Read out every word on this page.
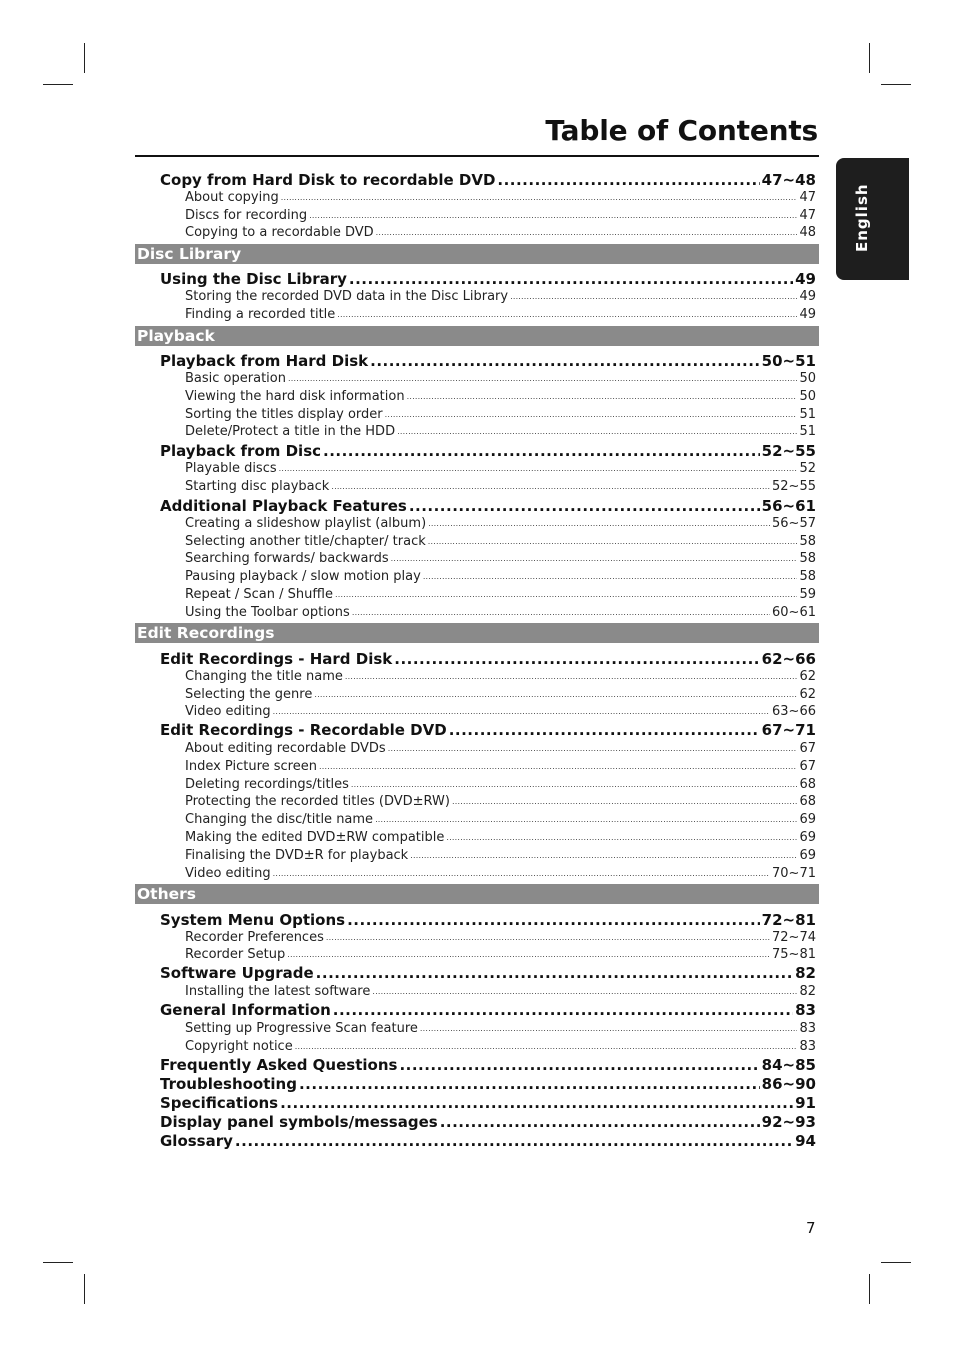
Table of Contents
English
Copy from Hard Disk to recordable DVD .....	47~48
About copying .....	47
Discs for recording .....	47
Copying to a recordable DVD .....	48
Disc Library
Using the Disc Library .....	49
Storing the recorded DVD data in the Disc Library .....	49
Finding a recorded title .....	49
Playback
Playback from Hard Disk .....	50~51
Basic operation .....	50
Viewing the hard disk information .....	50
Sorting the titles display order .....	51
Delete/Protect a title in the HDD .....	51
Playback from Disc .....	52~55
Playable discs .....	52
Starting disc playback .....	52~55
Additional Playback Features .....	56~61
Creating a slideshow playlist (album) .....	56~57
Selecting another title/chapter/ track .....	58
Searching forwards/ backwards .....	58
Pausing playback / slow motion play .....	58
Repeat / Scan / Shuffle .....	59
Using the Toolbar options .....	60~61
Edit Recordings
Edit Recordings - Hard Disk .....	62~66
Changing the title name .....	62
Selecting the genre .....	62
Video editing .....	63~66
Edit Recordings - Recordable DVD .....	67~71
About editing recordable DVDs .....	67
Index Picture screen .....	67
Deleting recordings/titles .....	68
Protecting the recorded titles (DVD±RW) .....	68
Changing the disc/title name .....	69
Making the edited DVD±RW compatible .....	69
Finalising the DVD±R for playback .....	69
Video editing .....	70~71
Others
System Menu Options .....	72~81
Recorder Preferences .....	72~74
Recorder Setup .....	75~81
Software Upgrade .....	82
Installing the latest software .....	82
General Information .....	83
Setting up Progressive Scan feature .....	83
Copyright notice .....	83
Frequently Asked Questions .....	84~85
Troubleshooting .....	86~90
Specifications .....	91
Display panel symbols/messages .....	92~93
Glossary .....	94
7
